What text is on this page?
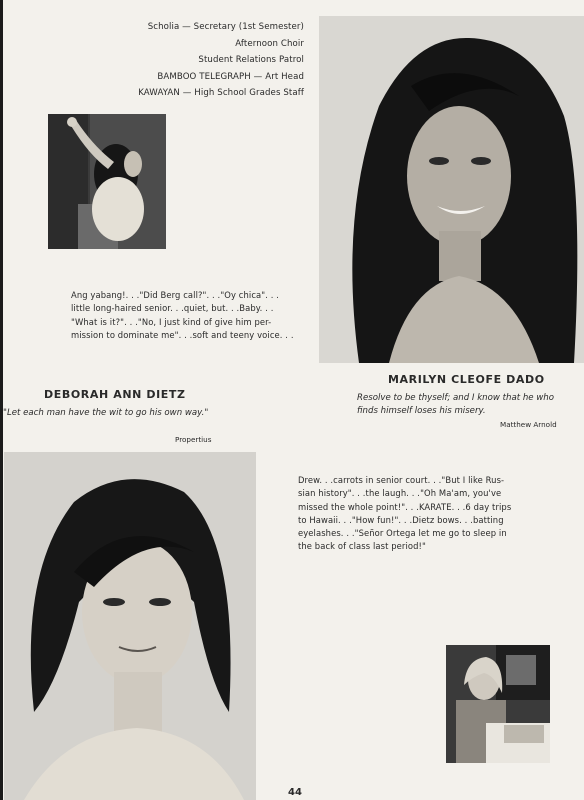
Scholia — Secretary (1st Semester)
Afternoon Choir
Student Relations Patrol
BAMBOO TELEGRAPH — Art Head
KAWAYAN — High School Grades Staff
Ang yabang!. . ."Did Berg call?". . ."Oy chica". . .
little long-haired senior. . .quiet, but. . .Baby. . .
"What is it?". . ."No, I just kind of give him per-
mission to dominate me". . .soft and teeny voice. . .
MARILYN CLEOFE DADO
Resolve to be thyself; and I know that he who
finds himself loses his misery.
Matthew Arnold
DEBORAH ANN DIETZ
"Let each man have the wit to go his own way."
Propertius
Drew. . .carrots in senior court. . ."But I like Rus-
sian history". . .the laugh. . ."Oh Ma'am, you've
missed the whole point!". . .KARATE. . .6 day trips
to Hawaii. . ."How fun!". . .Dietz bows. . .batting
eyelashes. . ."Señor Ortega let me go to sleep in
the back of class last period!"
44
